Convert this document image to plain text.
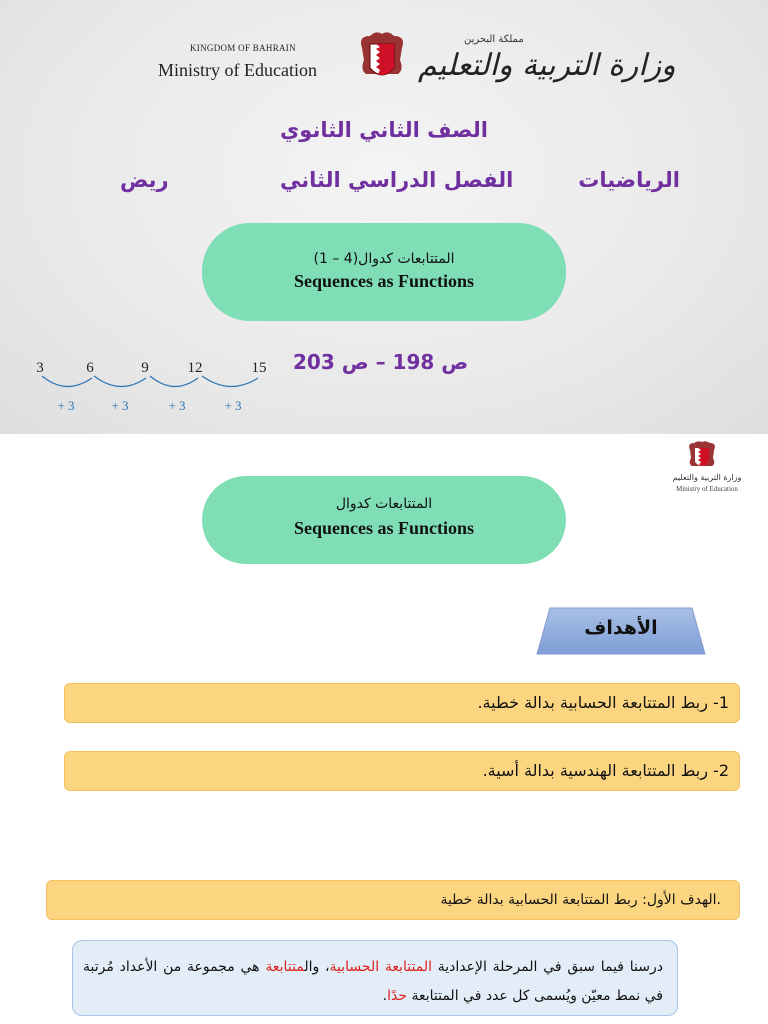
KINGDOM OF BAHRAIN
Ministry of Education
مملكة البحرين
وزارة التربية والتعليم
الصف الثاني الثانوي
الرياضيات
الفصل الدراسي الثاني
ريض
المتتابعات كدوال(4 – 1)
Sequences as Functions
3	6	9	12	15
+ 3	+ 3	+ 3	+ 3
ص 198 – ص 203
وزارة التربية والتعليم
Ministry of Education
المتتابعات كدوال
Sequences as Functions
الأهداف
1- ربط المتتابعة الحسابية بدالة خطية.
2- ربط المتتابعة الهندسية بدالة أسية.
.الهدف الأول: ربط المتتابعة الحسابية بدالة خطية
درسنا فيما سبق في المرحلة الإعدادية المتتابعة الحسابية، والمتتابعة هي مجموعة من الأعداد مُرتبة في نمط معيّن ويُسمى كل عدد في المتتابعة حدًا.
